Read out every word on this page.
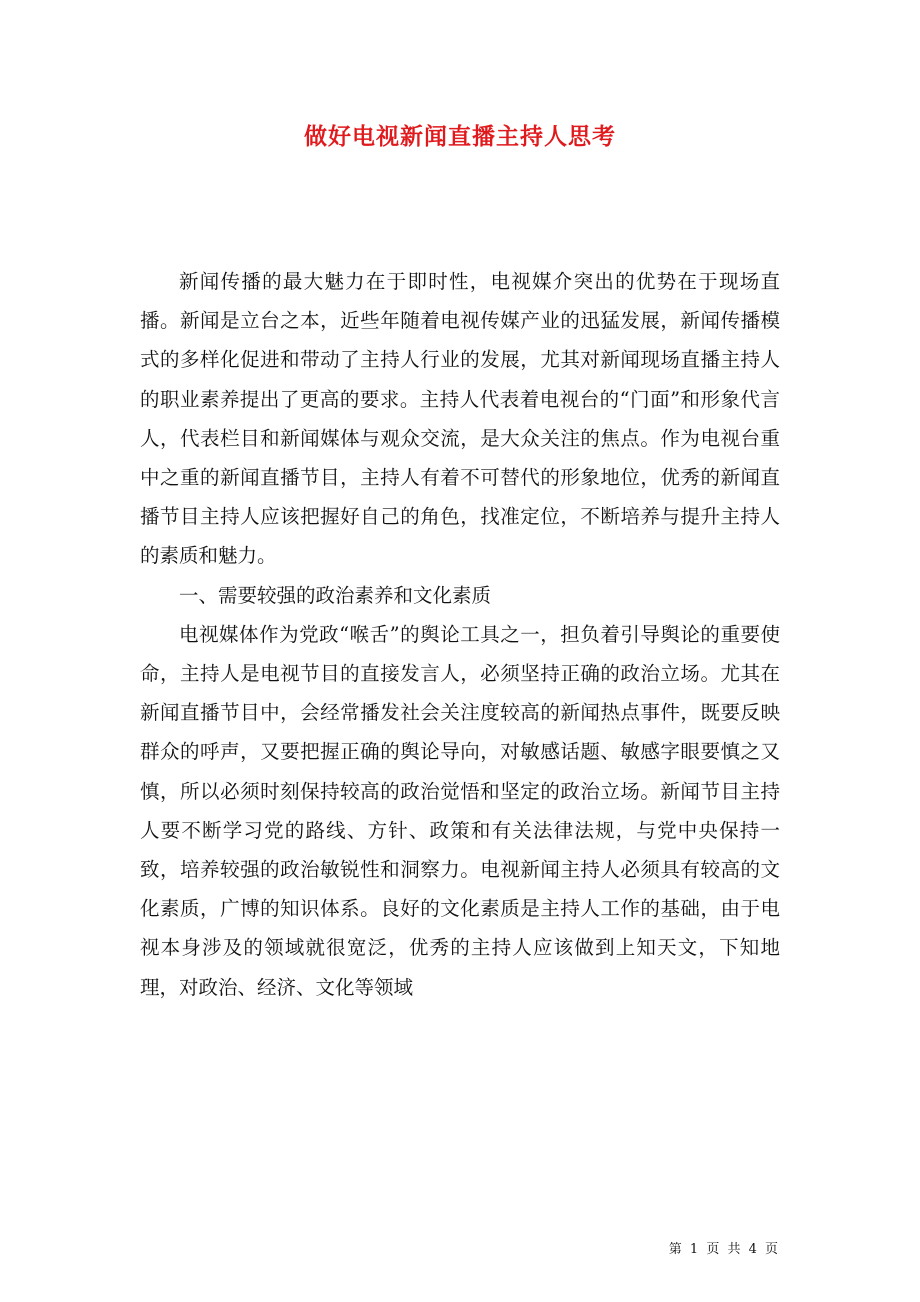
做好电视新闻直播主持人思考

新闻传播的最大魅力在于即时性，电视媒介突出的优势在于现场直播。新闻是立台之本，近些年随着电视传媒产业的迅猛发展，新闻传播模式的多样化促进和带动了主持人行业的发展，尤其对新闻现场直播主持人的职业素养提出了更高的要求。主持人代表着电视台的“门面”和形象代言人，代表栏目和新闻媒体与观众交流，是大众关注的焦点。作为电视台重中之重的新闻直播节目，主持人有着不可替代的形象地位，优秀的新闻直播节目主持人应该把握好自己的角色，找准定位，不断培养与提升主持人的素质和魅力。

一、需要较强的政治素养和文化素质

电视媒体作为党政“喉舌”的舆论工具之一，担负着引导舆论的重要使命，主持人是电视节目的直接发言人，必须坚持正确的政治立场。尤其在新闻直播节目中，会经常播发社会关注度较高的新闻热点事件，既要反映群众的呼声，又要把握正确的舆论导向，对敏感话题、敏感字眼要慎之又慎，所以必须时刻保持较高的政治觉悟和坚定的政治立场。新闻节目主持人要不断学习党的路线、方针、政策和有关法律法规，与党中央保持一致，培养较强的政治敏锐性和洞察力。电视新闻主持人必须具有较高的文化素质，广博的知识体系。良好的文化素质是主持人工作的基础，由于电视本身涉及的领域就很宽泛，优秀的主持人应该做到上知天文，下知地理，对政治、经济、文化等领域

第 1 页 共 4 页
